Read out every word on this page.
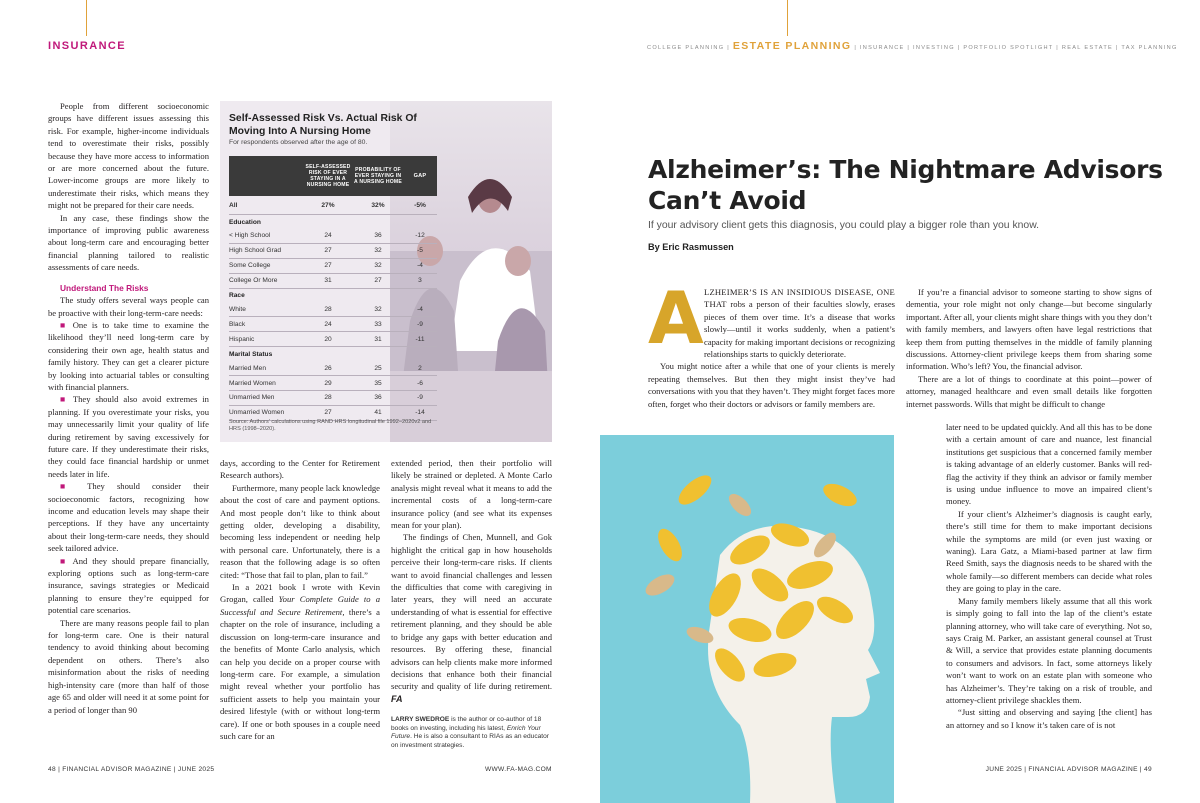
INSURANCE

People from different socioeconomic groups have different issues assessing this risk. For example, higher-income individuals tend to overestimate their risks, possibly because they have more access to information or are more concerned about the future. Lower-income groups are more likely to underestimate their risks, which means they might not be prepared for their care needs.

In any case, these findings show the importance of improving public awareness about long-term care and encouraging better financial planning tailored to realistic assessments of care needs.

Understand The Risks

The study offers several ways people can be proactive with their long-term-care needs:

■ One is to take time to examine the likelihood they’ll need long-term care by considering their own age, health status and family history. They can get a clearer picture by looking into actuarial tables or consulting with financial planners.

■ They should also avoid extremes in planning. If you overestimate your risks, you may unnecessarily limit your quality of life during retirement by saving excessively for future care. If they underestimate their risks, they could face financial hardship or unmet needs later in life.

■ They should consider their socioeconomic factors, recognizing how income and education levels may shape their perceptions. If they have any uncertainty about their long-term-care needs, they should seek tailored advice.

■ And they should prepare financially, exploring options such as long-term-care insurance, savings strategies or Medicaid planning to ensure they’re equipped for potential care scenarios.

There are many reasons people fail to plan for long-term care. One is their natural tendency to avoid thinking about becoming dependent on others. There’s also misinformation about the risks of needing high-intensity care (more than half of those age 65 and older will need it at some point for a period of longer than 90

Self-Assessed Risk Vs. Actual Risk Of Moving Into A Nursing Home
For respondents observed after the age of 80.
	SELF-ASSESSED RISK OF EVER STAYING IN A NURSING HOME	PROBABILITY OF EVER STAYING IN A NURSING HOME	GAP
All	27%	32%	-5%
Education			
< High School	24	36	-12
High School Grad	27	32	-5
Some College	27	32	-4
College Or More	31	27	3
Race			
White	28	32	-4
Black	24	33	-9
Hispanic	20	31	-11
Marital Status			
Married Men	26	25	2
Married Women	29	35	-6
Unmarried Men	28	36	-9
Unmarried Women	27	41	-14
Source: Authors’ calculations using RAND HRS longitudinal file 1992–2020v2 and HRS (1998–2020).

days, according to the Center for Retirement Research authors).

Furthermore, many people lack knowledge about the cost of care and payment options. And most people don’t like to think about getting older, developing a disability, becoming less independent or needing help with personal care. Unfortunately, there is a reason that the following adage is so often cited: “Those that fail to plan, plan to fail.”

In a 2021 book I wrote with Kevin Grogan, called Your Complete Guide to a Successful and Secure Retirement, there’s a chapter on the role of insurance, including a discussion on long-term-care insurance and the benefits of Monte Carlo analysis, which can help you decide on a proper course with long-term care. For example, a simulation might reveal whether your portfolio has sufficient assets to help you maintain your desired lifestyle (with or without long-term care). If one or both spouses in a couple need such care for an

extended period, then their portfolio will likely be strained or depleted. A Monte Carlo analysis might reveal what it means to add the incremental costs of a long-term-care insurance policy (and see what its expenses mean for your plan).

The findings of Chen, Munnell, and Gok highlight the critical gap in how households perceive their long-term-care risks. If clients want to avoid financial challenges and lessen the difficulties that come with caregiving in later years, they will need an accurate understanding of what is essential for effective retirement planning, and they should be able to bridge any gaps with better education and resources. By offering these, financial advisors can help clients make more informed decisions that enhance both their financial security and quality of life during retirement. FA

LARRY SWEDROE is the author or co-author of 18 books on investing, including his latest, Enrich Your Future. He is also a consultant to RIAs as an educator on investment strategies.
48 | FINANCIAL ADVISOR MAGAZINE | JUNE 2025	WWW.FA-MAG.COM
COLLEGE PLANNING | ESTATE PLANNING | INSURANCE | INVESTING | PORTFOLIO SPOTLIGHT | REAL ESTATE | TAX PLANNING
Alzheimer’s: The Nightmare Advisors
Can’t Avoid
If your advisory client gets this diagnosis, you could play a bigger role than you know.
By Eric Rasmussen
A LZHEIMER’S IS AN INSIDIOUS DISEASE, ONE THAT robs a person of their faculties slowly, erases pieces of them over time. It’s a disease that works slowly—until it works suddenly, when a patient’s capacity for making important decisions or recognizing relationships starts to quickly deteriorate.

You might notice after a while that one of your clients is merely repeating themselves. But then they might insist they’ve had conversations with you that they haven’t. They might forget faces more often, forget who their doctors or advisors or family members are.

If you’re a financial advisor to someone starting to show signs of dementia, your role might not only change—but become singularly important. After all, your clients might share things with you they don’t with family members, and lawyers often have legal restrictions that keep them from putting themselves in the middle of family planning discussions. Attorney-client privilege keeps them from sharing some information. Who’s left? You, the financial advisor.

There are a lot of things to coordinate at this point—power of attorney, managed healthcare and even small details like forgotten internet passwords. Wills that might be difficult to change

later need to be updated quickly. And all this has to be done with a certain amount of care and nuance, lest financial institutions get suspicious that a concerned family member is taking advantage of an elderly customer. Banks will red-flag the activity if they think an advisor or family member is using undue influence to move an impaired client’s money.

If your client’s Alzheimer’s diagnosis is caught early, there’s still time for them to make important decisions while the symptoms are mild (or even just waxing or waning). Lara Gatz, a Miami-based partner at law firm Reed Smith, says the diagnosis needs to be shared with the whole family—so different members can decide what roles they are going to play in the care.

Many family members likely assume that all this work is simply going to fall into the lap of the client’s estate planning attorney, who will take care of everything. Not so, says Craig M. Parker, an assistant general counsel at Trust & Will, a service that provides estate planning documents to consumers and advisors. In fact, some attorneys likely won’t want to work on an estate plan with someone who has Alzheimer’s. They’re taking on a risk of trouble, and attorney-client privilege shackles them.

“Just sitting and observing and saying [the client] has an attorney and so I know it’s taken care of is not

JUNE 2025 | FINANCIAL ADVISOR MAGAZINE | 49
